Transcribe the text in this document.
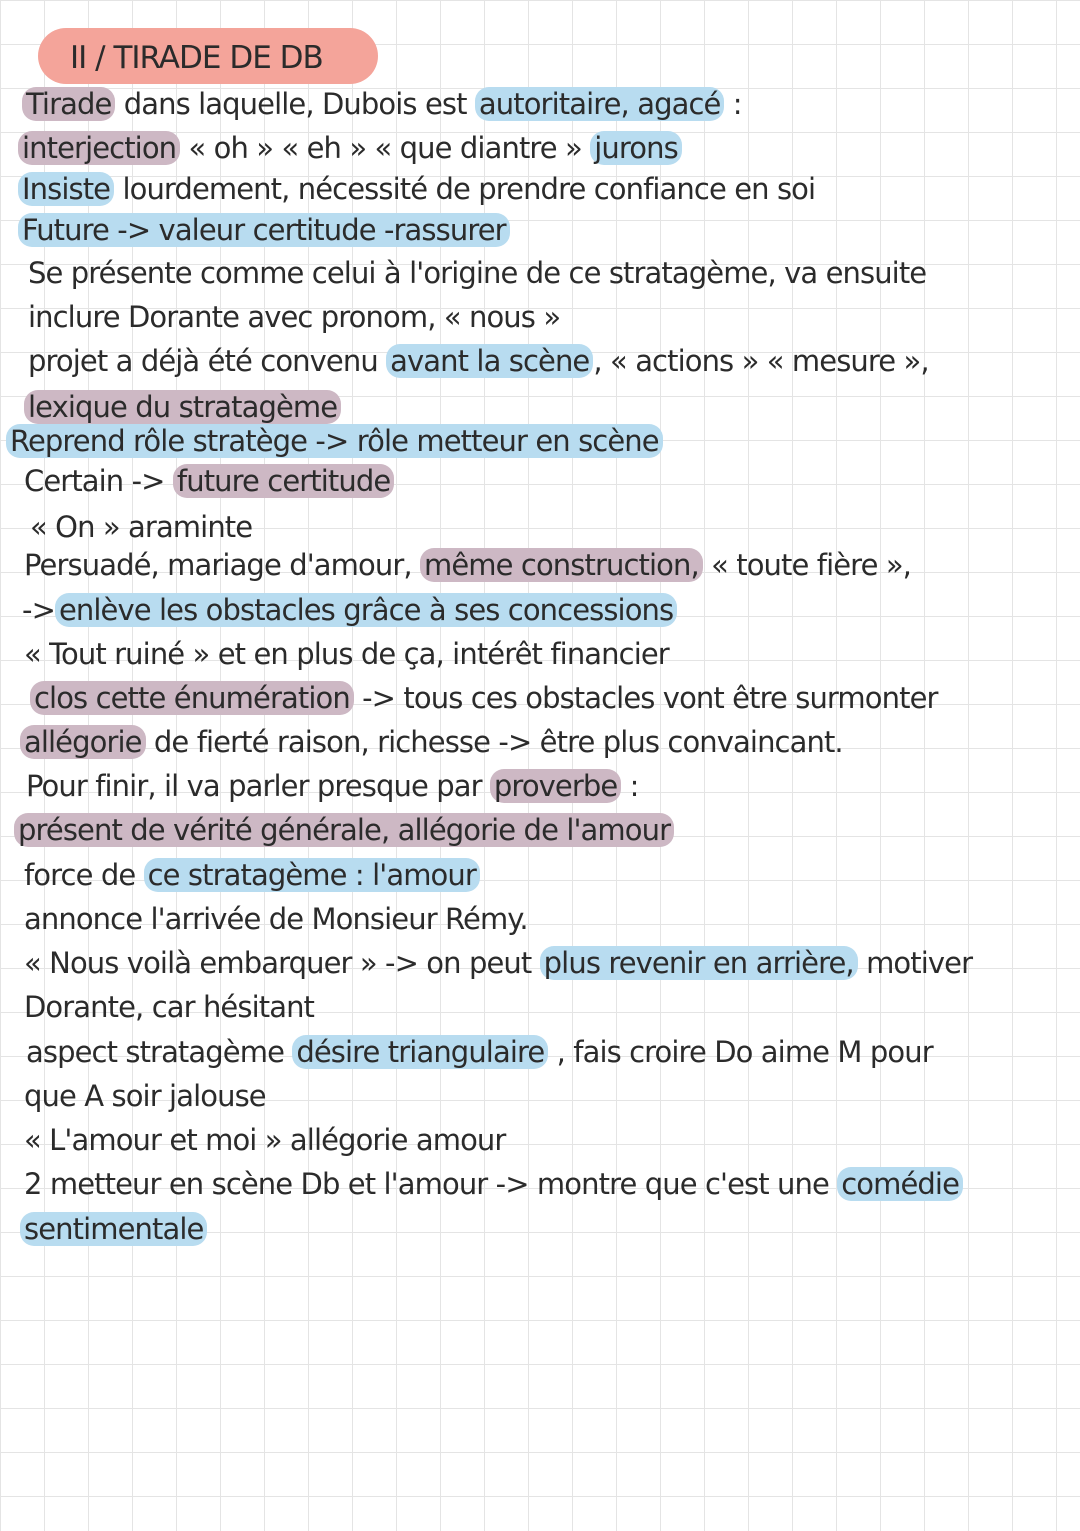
II / TIRADE DE DB
Tirade dans laquelle, Dubois est autoritaire, agacé :
interjection « oh » « eh » « que diantre » jurons
Insiste lourdement, nécessité de prendre confiance en soi
Future -> valeur certitude -rassurer
Se présente comme celui à l'origine de ce stratagème, va ensuite
inclure Dorante avec pronom, « nous »
projet a déjà été convenu avant la scène , « actions » « mesure »,
lexique du stratagème
Reprend rôle stratège -> rôle metteur en scène
Certain -> future certitude
« On » araminte
Persuadé, mariage d'amour, même construction, « toute fière »,
-> enlève les obstacles grâce à ses concessions
« Tout ruiné » et en plus de ça, intérêt financier
clos cette énumération -> tous ces obstacles vont être surmonter
allégorie de fierté raison, richesse -> être plus convaincant.
Pour finir, il va parler presque par proverbe :
présent de vérité générale, allégorie de l'amour
force de ce stratagème : l'amour
annonce l'arrivée de Monsieur Rémy.
« Nous voilà embarquer » -> on peut plus revenir en arrière, motiver
Dorante, car hésitant
aspect stratagème désire triangulaire , fais croire Do aime M pour
que A soir jalouse
« L'amour et moi » allégorie amour
2 metteur en scène Db et l'amour -> montre que c'est une comédie
sentimentale
